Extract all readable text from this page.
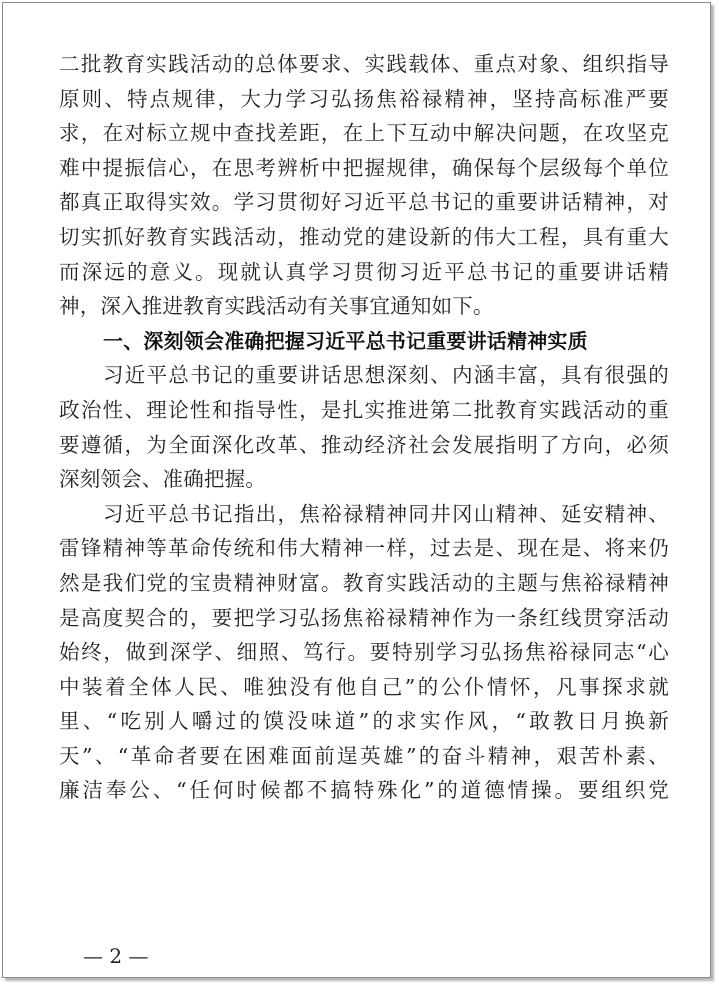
二批教育实践活动的总体要求、实践载体、重点对象、组织指导
原则、特点规律，大力学习弘扬焦裕禄精神，坚持高标准严要
求，在对标立规中查找差距，在上下互动中解决问题，在攻坚克
难中提振信心，在思考辨析中把握规律，确保每个层级每个单位
都真正取得实效。学习贯彻好习近平总书记的重要讲话精神，对
切实抓好教育实践活动，推动党的建设新的伟大工程，具有重大
而深远的意义。现就认真学习贯彻习近平总书记的重要讲话精
神，深入推进教育实践活动有关事宜通知如下。
一、深刻领会准确把握习近平总书记重要讲话精神实质
习近平总书记的重要讲话思想深刻、内涵丰富，具有很强的
政治性、理论性和指导性，是扎实推进第二批教育实践活动的重
要遵循，为全面深化改革、推动经济社会发展指明了方向，必须
深刻领会、准确把握。
习近平总书记指出，焦裕禄精神同井冈山精神、延安精神、
雷锋精神等革命传统和伟大精神一样，过去是、现在是、将来仍
然是我们党的宝贵精神财富。教育实践活动的主题与焦裕禄精神
是高度契合的，要把学习弘扬焦裕禄精神作为一条红线贯穿活动
始终，做到深学、细照、笃行。要特别学习弘扬焦裕禄同志“心
中装着全体人民、唯独没有他自己”的公仆情怀，凡事探求就
里、“吃别人嚼过的馍没味道”的求实作风，“敢教日月换新
天”、“革命者要在困难面前逞英雄”的奋斗精神，艰苦朴素、
廉洁奉公、“任何时候都不搞特殊化”的道德情操。要组织党
— 2 —
